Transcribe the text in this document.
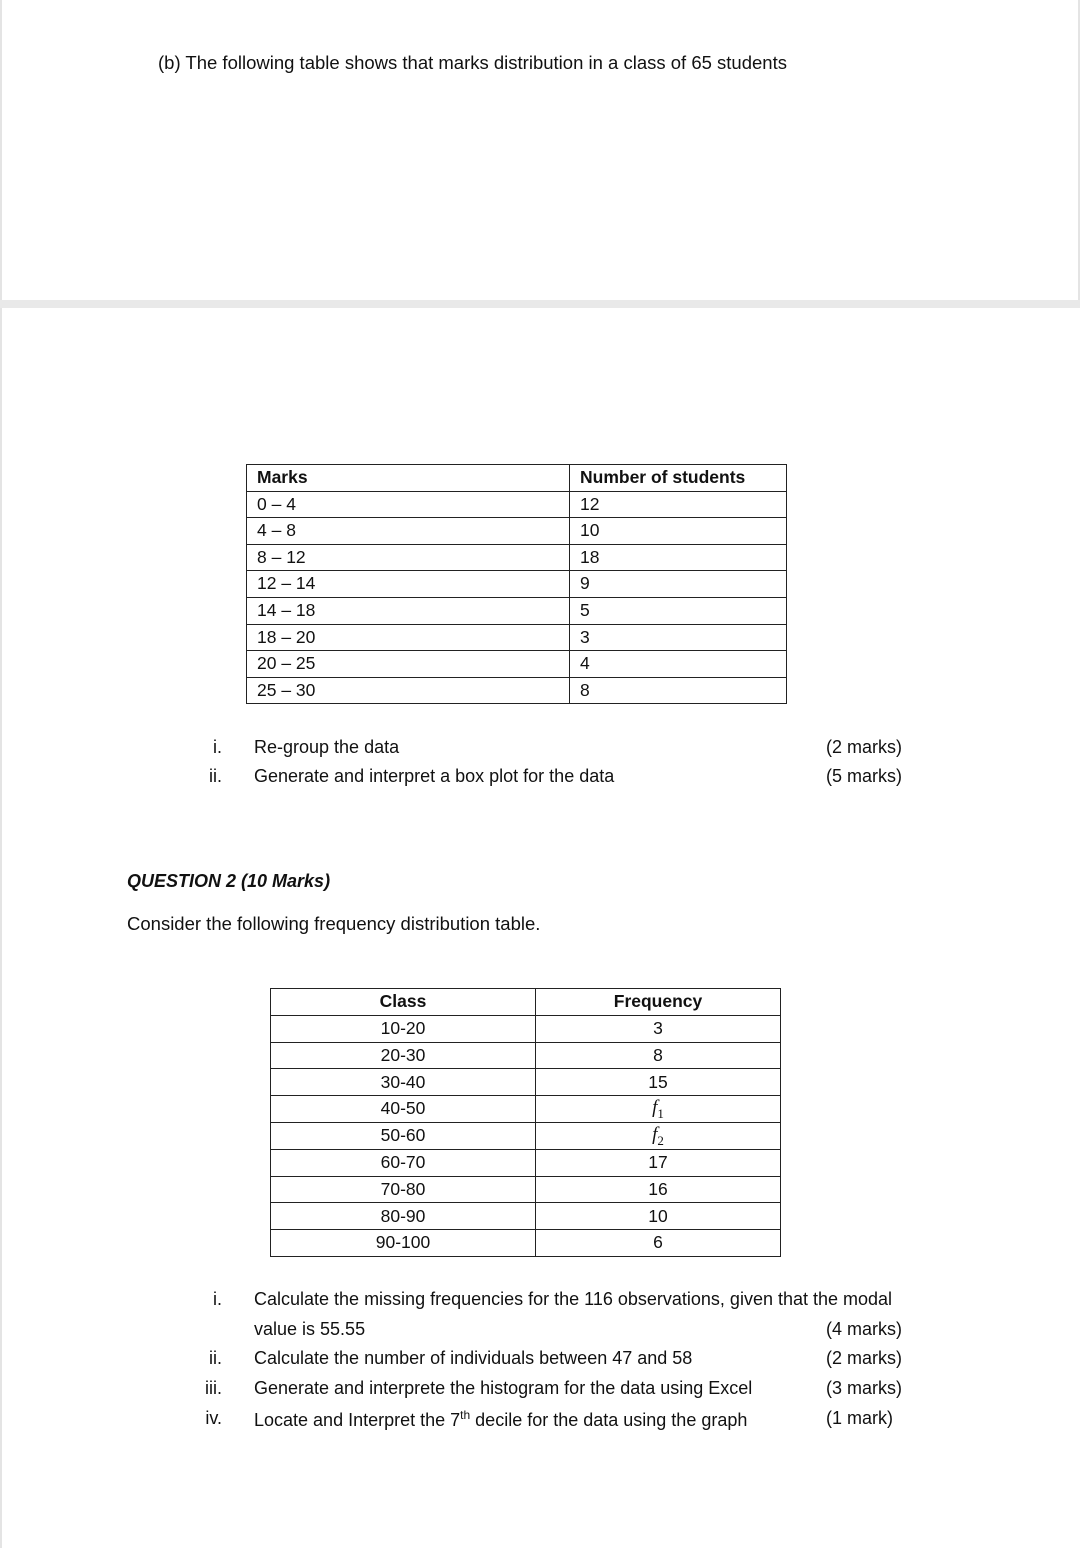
(b) The following table shows that marks distribution in a class of 65 students
Marks	Number of students
0 – 4	12
4 – 8	10
8 – 12	18
12 – 14	9
14 – 18	5
18 – 20	3
20 – 25	4
25 – 30	8
i. Re-group the data	(2 marks)
ii. Generate and interpret a box plot for the data	(5 marks)
QUESTION 2 (10 Marks)
Consider the following frequency distribution table.
Class	Frequency
10-20	3
20-30	8
30-40	15
40-50	$f_1$
50-60	$f_2$
60-70	17
70-80	16
80-90	10
90-100	6
i. Calculate the missing frequencies for the 116 observations, given that the modal
value is 55.55	(4 marks)
ii. Calculate the number of individuals between 47 and 58	(2 marks)
iii. Generate and interprete the histogram for the data using Excel	(3 marks)
iv. Locate and Interpret the 7th decile for the data using the graph	(1 mark)
